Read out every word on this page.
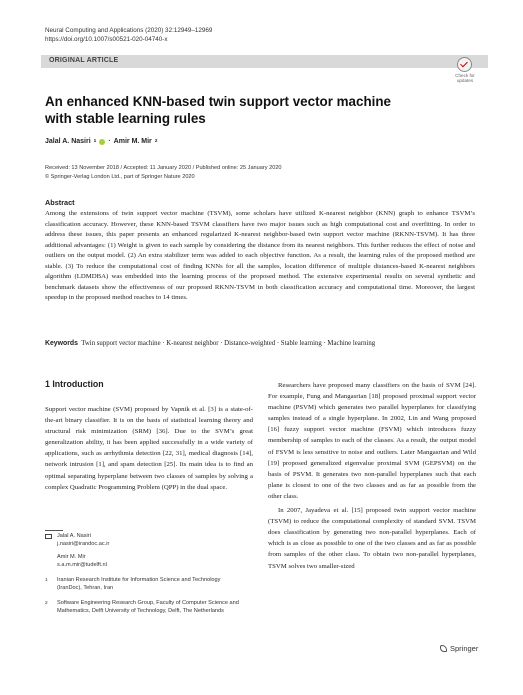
Neural Computing and Applications (2020) 32:12949–12969
https://doi.org/10.1007/s00521-020-04740-x
ORIGINAL ARTICLE
Check for updates
An enhanced KNN-based twin support vector machine
with stable learning rules
Jalal A. Nasiri 1 · Amir M. Mir 2
Received: 13 November 2018 / Accepted: 11 January 2020 / Published online: 25 January 2020
© Springer-Verlag London Ltd., part of Springer Nature 2020
Abstract
Among the extensions of twin support vector machine (TSVM), some scholars have utilized K-nearest neighbor (KNN) graph to enhance TSVM’s classification accuracy. However, these KNN-based TSVM classifiers have two major issues such as high computational cost and overfitting. In order to address these issues, this paper presents an enhanced regularized K-nearest neighbor-based twin support vector machine (RKNN-TSVM). It has three additional advantages: (1) Weight is given to each sample by considering the distance from its nearest neighbors. This further reduces the effect of noise and outliers on the output model. (2) An extra stabilizer term was added to each objective function. As a result, the learning rules of the proposed method are stable. (3) To reduce the computational cost of finding KNNs for all the samples, location difference of multiple distances-based K-nearest neighbors algorithm (LDMDBA) was embedded into the learning process of the proposed method. The extensive experimental results on several synthetic and benchmark datasets show the effectiveness of our proposed RKNN-TSVM in both classification accuracy and computational time. Moreover, the largest speedup in the proposed method reaches to 14 times.
Keywords Twin support vector machine · K-nearest neighbor · Distance-weighted · Stable learning · Machine learning
1 Introduction

Support vector machine (SVM) proposed by Vapnik et al. [3] is a state-of-the-art binary classifier. It is on the basis of statistical learning theory and structural risk minimization (SRM) [36]. Due to the SVM’s great generalization ability, it has been applied successfully in a wide variety of applications, such as arrhythmia detection [22, 31], medical diagnosis [14], network intrusion [1], and spam detection [25]. Its main idea is to find an optimal separating hyperplane between two classes of samples by solving a complex Quadratic Programming Problem (QPP) in the dual space.

Jalal A. Nasiri
j.nasiri@irandoc.ac.ir
Amir M. Mir
s.a.m.mir@tudelft.nl
1 Iranian Research Institute for Information Science and Technology (IranDoc), Tehran, Iran
2 Software Engineering Research Group, Faculty of Computer Science and Mathematics, Delft University of Technology, Delft, The Netherlands

Researchers have proposed many classifiers on the basis of SVM [24]. For example, Fung and Mangasrian [18] proposed proximal support vector machine (PSVM) which generates two parallel hyperplanes for classifying samples instead of a single hyperplane. In 2002, Lin and Wang proposed [16] fuzzy support vector machine (FSVM) which introduces fuzzy membership of samples to each of the classes. As a result, the output model of FSVM is less sensitive to noise and outliers. Later Mangasrian and Wild [19] proposed generalized eigenvalue proximal SVM (GEPSVM) on the basis of PSVM. It generates two non-parallel hyperplanes such that each plane is closest to one of the two classes and as far as possible from the other class.

In 2007, Jayadeva et al. [15] proposed twin support vector machine (TSVM) to reduce the computational complexity of standard SVM. TSVM does classification by generating two non-parallel hyperplanes. Each of which is as close as possible to one of the two classes and as far as possible from samples of the other class. To obtain two non-parallel hyperplanes, TSVM solves two smaller-sized

Springer
